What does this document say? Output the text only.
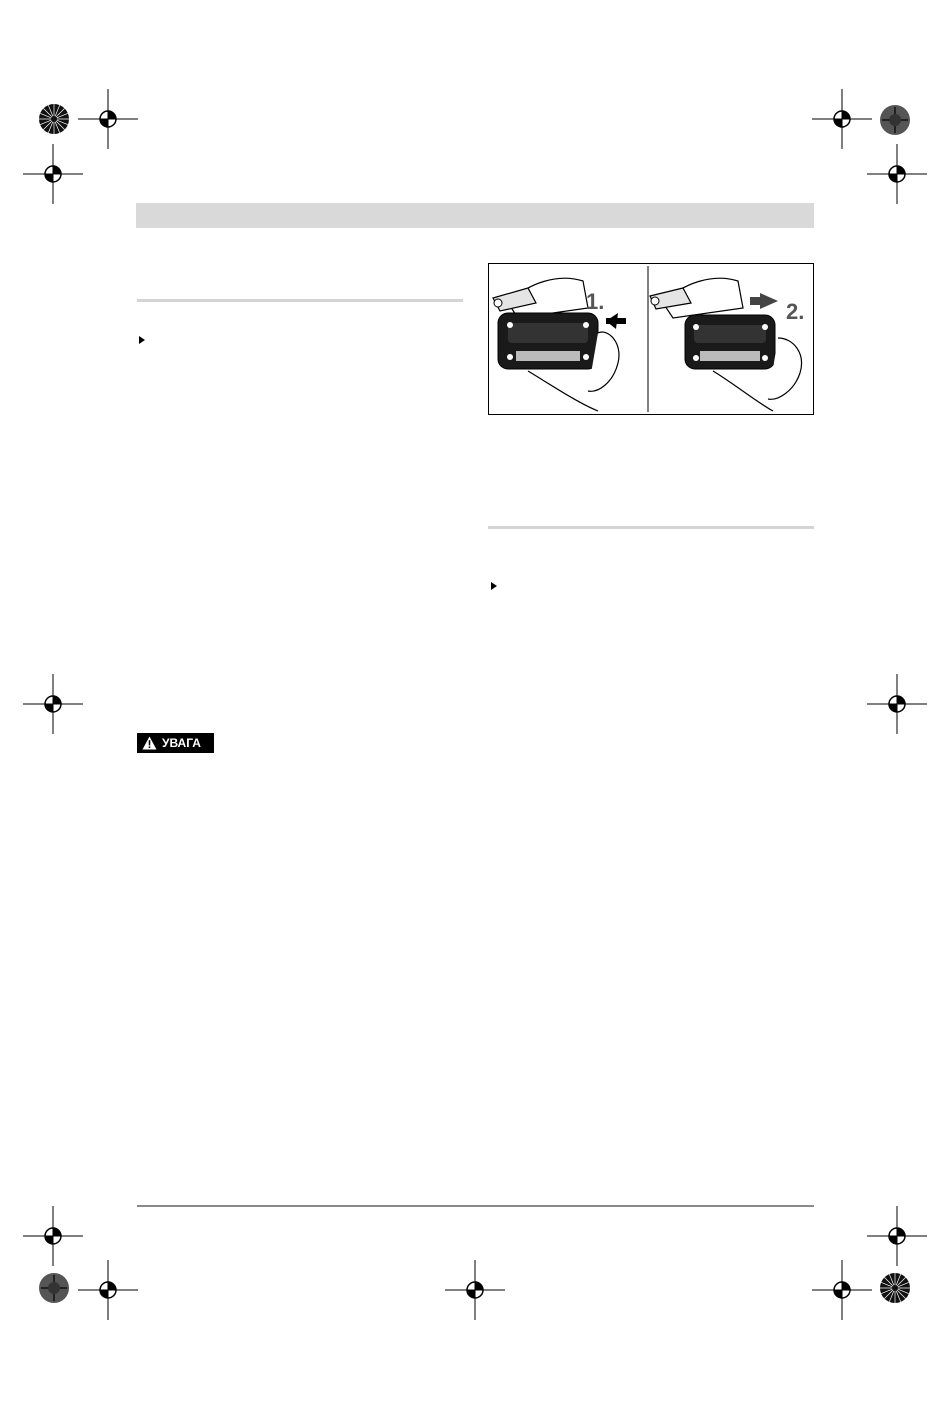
УВАГА
1.	2.
